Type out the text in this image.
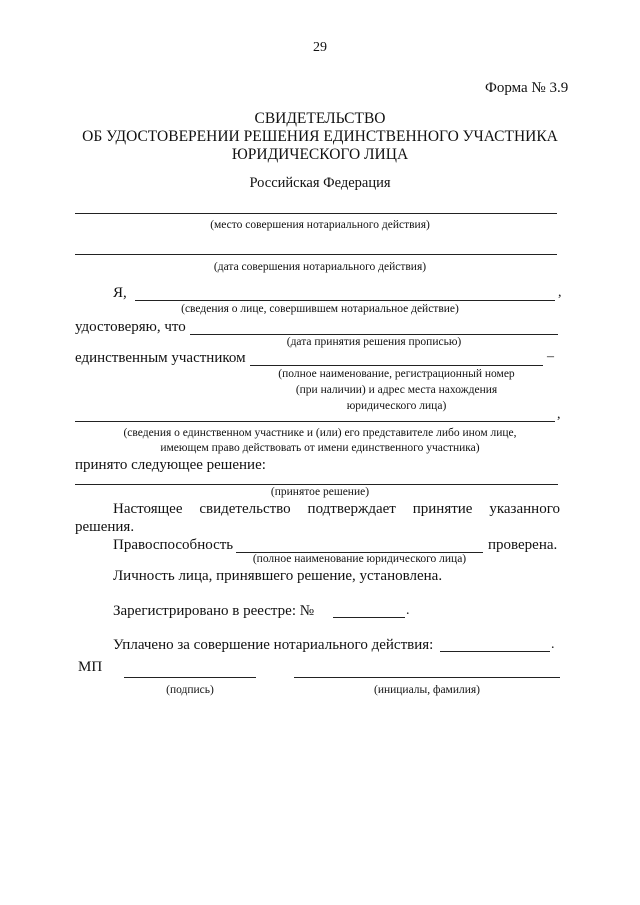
29
Форма № 3.9
СВИДЕТЕЛЬСТВО
ОБ УДОСТОВЕРЕНИИ РЕШЕНИЯ ЕДИНСТВЕННОГО УЧАСТНИКА
ЮРИДИЧЕСКОГО ЛИЦА
Российская Федерация
(место совершения нотариального действия)
(дата совершения нотариального действия)
Я,	,
(сведения о лице, совершившем нотариальное действие)
удостоверяю, что
(дата принятия решения прописью)
единственным участником	–
(полное наименование, регистрационный номер
(при наличии) и адрес места нахождения
юридического лица)
,
(сведения о единственном участнике и (или) его представителе либо ином лице,
имеющем право действовать от имени единственного участника)
принято следующее решение:
(принятое решение)
Настоящее свидетельство подтверждает принятие указанного
решения.
Правоспособность	проверена.
(полное наименование юридического лица)
Личность лица, принявшего решение, установлена.
Зарегистрировано в реестре: №	.
Уплачено за совершение нотариального действия:	.
МП
(подпись)	(инициалы, фамилия)
